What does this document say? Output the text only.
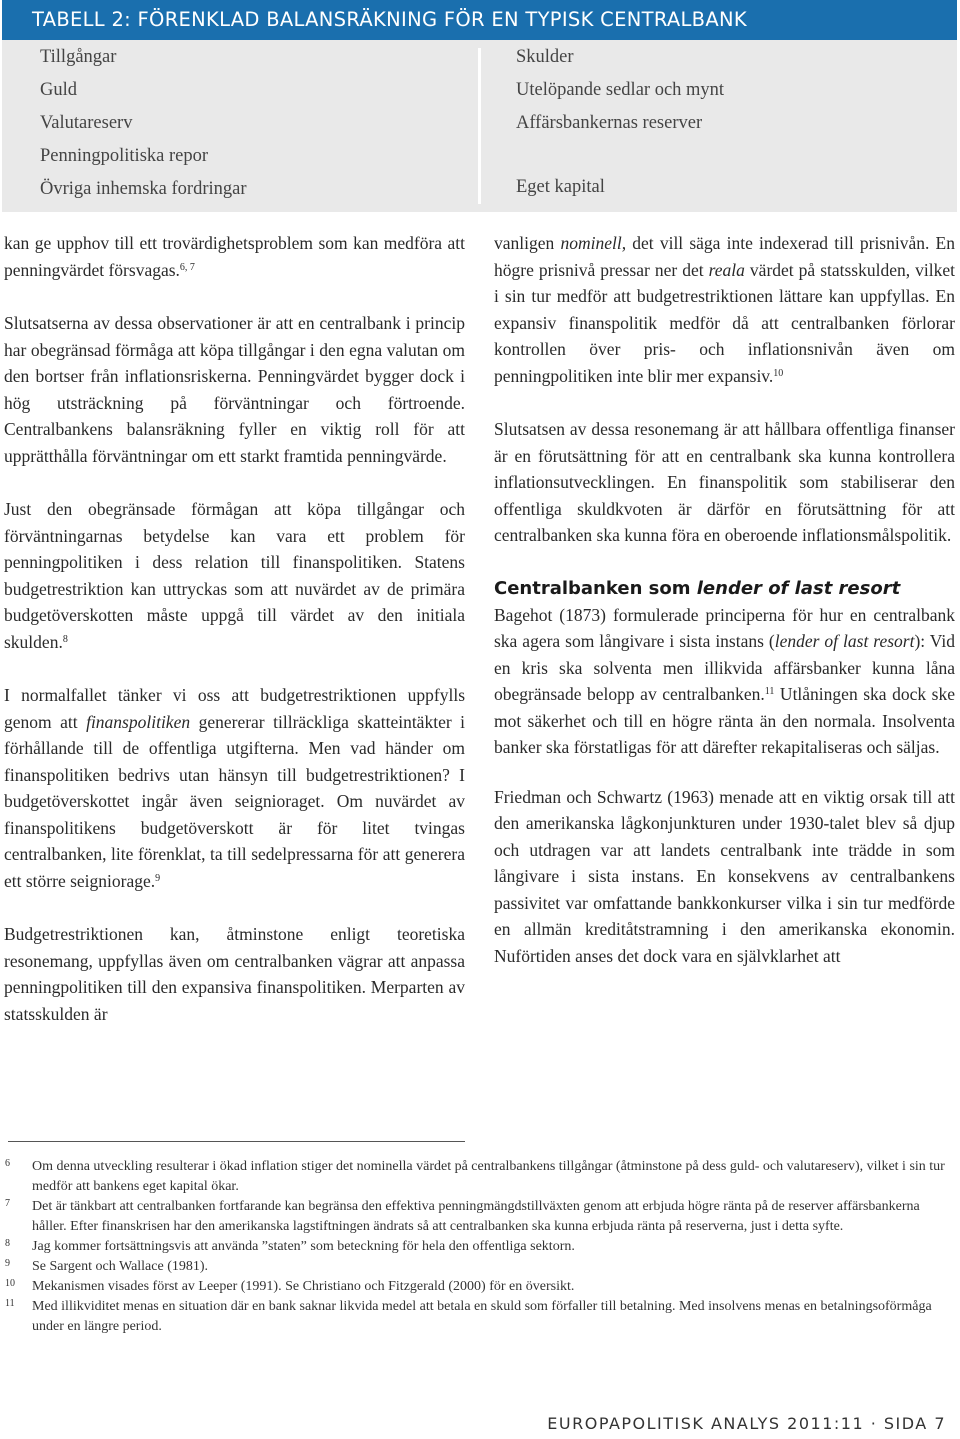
TABELL 2: FÖRENKLAD BALANSRÄKNING FÖR EN TYPISK CENTRALBANK
Tillgångar
Guld
Valutareserv
Penningpolitiska repor
Övriga inhemska fordringar
Skulder
Utelöpande sedlar och mynt
Affärsbankernas reserver
Eget kapital

kan ge upphov till ett trovärdighetsproblem som kan medföra att penningvärdet försvagas.$^{6, 7}$

Slutsatserna av dessa observationer är att en centralbank i princip har obegränsad förmåga att köpa tillgångar i den egna valutan om den bortser från inflationsriskerna. Penningvärdet bygger dock i hög utsträckning på förväntningar och förtroende. Centralbankens balansräkning fyller en viktig roll för att upprätthålla förväntningar om ett starkt framtida penningvärde.

Just den obegränsade förmågan att köpa tillgångar och förväntningarnas betydelse kan vara ett problem för penningpolitiken i dess relation till finanspolitiken. Statens budgetrestriktion kan uttryckas som att nuvärdet av de primära budgetöverskotten måste uppgå till värdet av den initiala skulden.$^8$

I normalfallet tänker vi oss att budgetrestriktionen uppfylls genom att finanspolitiken genererar tillräckliga skatteintäkter i förhållande till de offentliga utgifterna. Men vad händer om finanspolitiken bedrivs utan hänsyn till budgetrestriktionen? I budgetöverskottet ingår även seignioraget. Om nuvärdet av finanspolitikens budgetöverskott är för litet tvingas centralbanken, lite förenklat, ta till sedelpressarna för att generera ett större seigniorage.$^9$

Budgetrestriktionen kan, åtminstone enligt teoretiska resonemang, uppfyllas även om centralbanken vägrar att anpassa penningpolitiken till den expansiva finanspolitiken. Merparten av statsskulden är

vanligen nominell, det vill säga inte indexerad till prisnivån. En högre prisnivå pressar ner det reala värdet på statsskulden, vilket i sin tur medför att budgetrestriktionen lättare kan uppfyllas. En expansiv finanspolitik medför då att centralbanken förlorar kontrollen över pris- och inflationsnivån även om penningpolitiken inte blir mer expansiv.$^{10}$

Slutsatsen av dessa resonemang är att hållbara offentliga finanser är en förutsättning för att en centralbank ska kunna kontrollera inflationsutvecklingen. En finanspolitik som stabiliserar den offentliga skuldkvoten är därför en förutsättning för att centralbanken ska kunna föra en oberoende inflationsmålspolitik.

Centralbanken som lender of last resort

Bagehot (1873) formulerade principerna för hur en centralbank ska agera som långivare i sista instans (lender of last resort): Vid en kris ska solventa men illikvida affärsbanker kunna låna obegränsade belopp av centralbanken.$^{11}$ Utlåningen ska dock ske mot säkerhet och till en högre ränta än den normala. Insolventa banker ska förstatligas för att därefter rekapitaliseras och säljas.

Friedman och Schwartz (1963) menade att en viktig orsak till att den amerikanska lågkonjunkturen under 1930-talet blev så djup och utdragen var att landets centralbank inte trädde in som långivare i sista instans. En konsekvens av centralbankens passivitet var omfattande bankkonkurser vilka i sin tur medförde en allmän kreditåtstramning i den amerikanska ekonomin. Nuförtiden anses det dock vara en självklarhet att

6 Om denna utveckling resulterar i ökad inflation stiger det nominella värdet på centralbankens tillgångar (åtminstone på dess guld- och valutareserv), vilket i sin tur medför att bankens eget kapital ökar.
7 Det är tänkbart att centralbanken fortfarande kan begränsa den effektiva penningmängdstillväxten genom att erbjuda högre ränta på de reserver affärsbankerna håller. Efter finanskrisen har den amerikanska lagstiftningen ändrats så att centralbanken ska kunna erbjuda ränta på reserverna, just i detta syfte.
8 Jag kommer fortsättningsvis att använda ”staten” som beteckning för hela den offentliga sektorn.
9 Se Sargent och Wallace (1981).
10 Mekanismen visades först av Leeper (1991). Se Christiano och Fitzgerald (2000) för en översikt.
11 Med illikviditet menas en situation där en bank saknar likvida medel att betala en skuld som förfaller till betalning. Med insolvens menas en betalningsoförmåga under en längre period.
EUROPAPOLITISK ANALYS 2011:11 · SIDA 7
